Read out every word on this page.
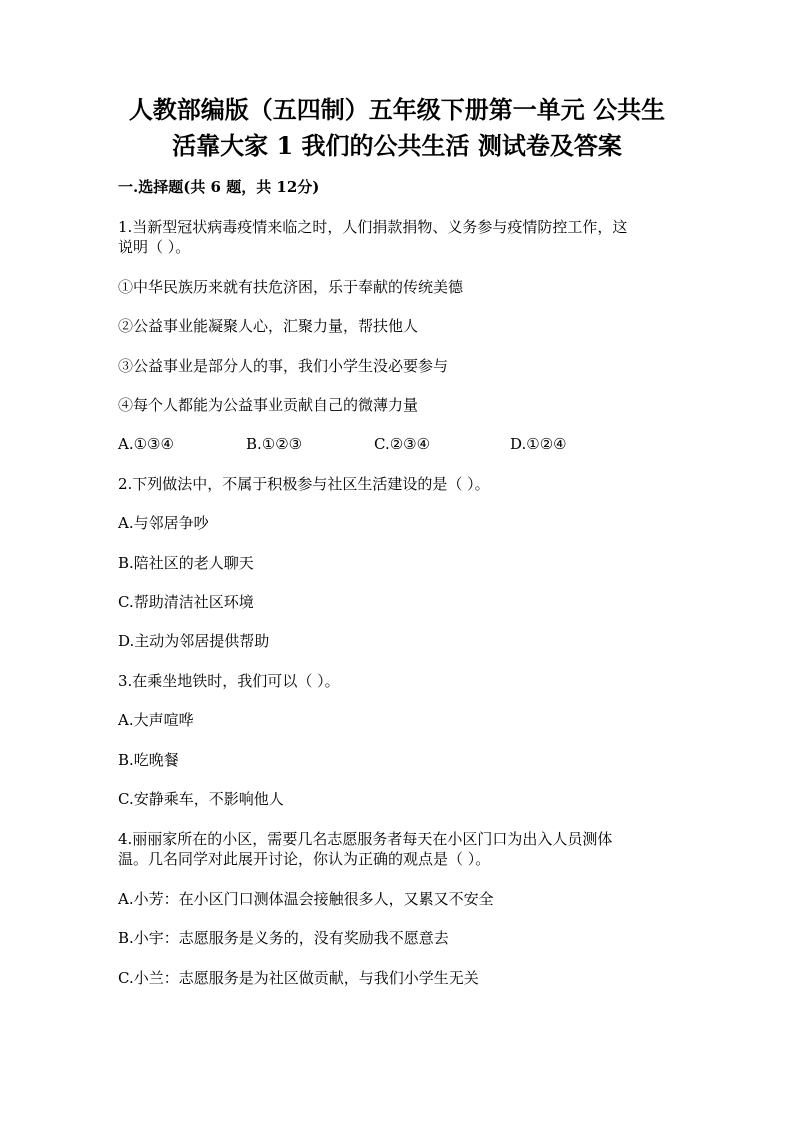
人教部编版（五四制）五年级下册第一单元 公共生
活靠大家 1 我们的公共生活 测试卷及答案

一.选择题(共 6 题，共 12分)

1.当新型冠状病毒疫情来临之时，人们捐款捐物、义务参与疫情防控工作，这
说明（ ）。

①中华民族历来就有扶危济困，乐于奉献的传统美德

②公益事业能凝聚人心，汇聚力量，帮扶他人

③公益事业是部分人的事，我们小学生没必要参与

④每个人都能为公益事业贡献自己的微薄力量

A.①③④	B.①②③	C.②③④	D.①②④

2.下列做法中，不属于积极参与社区生活建设的是（ ）。

A.与邻居争吵

B.陪社区的老人聊天

C.帮助清洁社区环境

D.主动为邻居提供帮助

3.在乘坐地铁时，我们可以（ ）。

A.大声喧哗

B.吃晚餐

C.安静乘车，不影响他人

4.丽丽家所在的小区，需要几名志愿服务者每天在小区门口为出入人员测体
温。几名同学对此展开讨论，你认为正确的观点是（ ）。

A.小芳：在小区门口测体温会接触很多人，又累又不安全

B.小宇：志愿服务是义务的，没有奖励我不愿意去

C.小兰：志愿服务是为社区做贡献，与我们小学生无关
